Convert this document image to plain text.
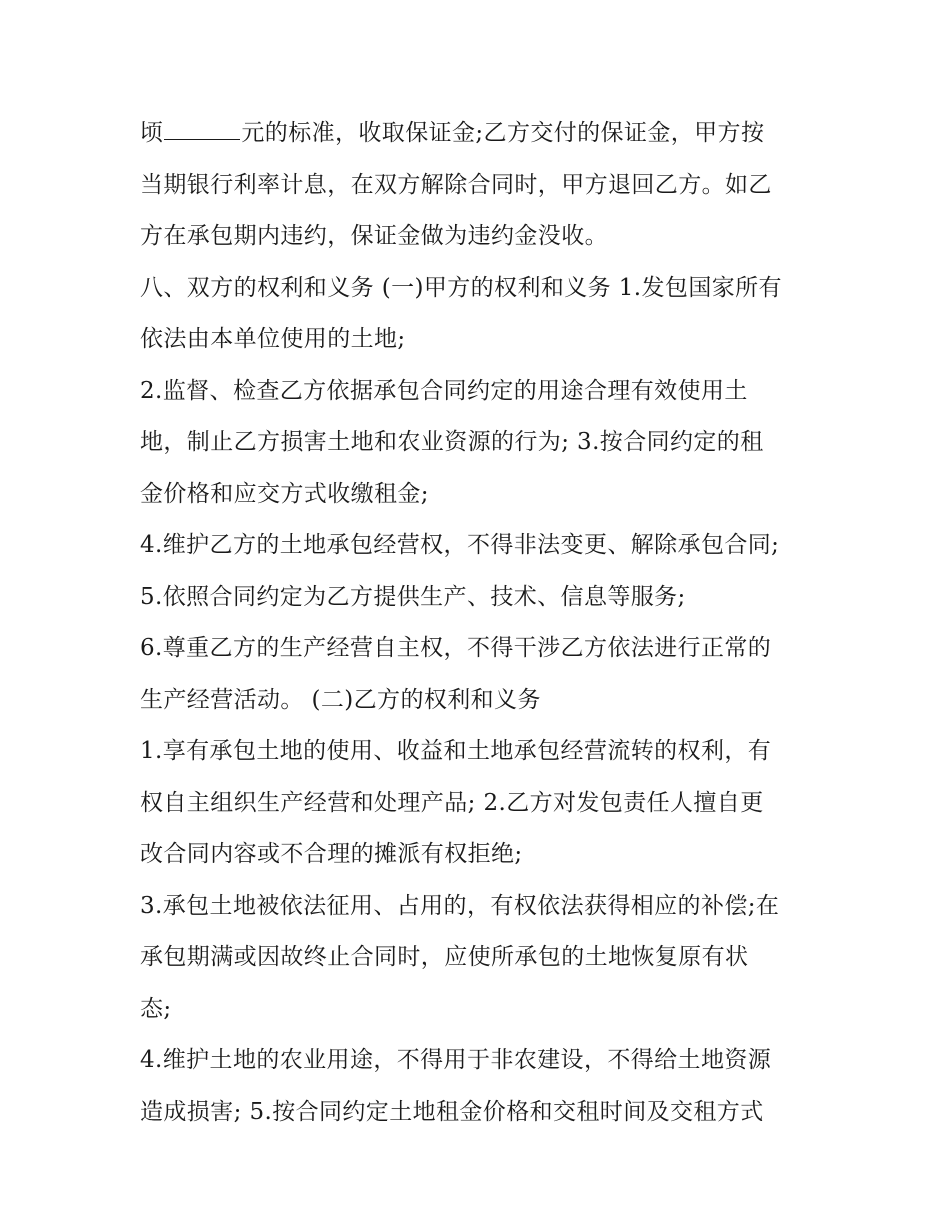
顷	元的标准，收取保证金;乙方交付的保证金，甲方按
当期银行利率计息，在双方解除合同时，甲方退回乙方。如乙
方在承包期内违约，保证金做为违约金没收。
八、双方的权利和义务 (一)甲方的权利和义务 1.发包国家所有
依法由本单位使用的土地;
2.监督、检查乙方依据承包合同约定的用途合理有效使用土
地，制止乙方损害土地和农业资源的行为; 3.按合同约定的租
金价格和应交方式收缴租金;
4.维护乙方的土地承包经营权，不得非法变更、解除承包合同;
5.依照合同约定为乙方提供生产、技术、信息等服务;
6.尊重乙方的生产经营自主权，不得干涉乙方依法进行正常的
生产经营活动。 (二)乙方的权利和义务
1.享有承包土地的使用、收益和土地承包经营流转的权利，有
权自主组织生产经营和处理产品; 2.乙方对发包责任人擅自更
改合同内容或不合理的摊派有权拒绝;
3.承包土地被依法征用、占用的，有权依法获得相应的补偿;在
承包期满或因故终止合同时，应使所承包的土地恢复原有状
态;
4.维护土地的农业用途，不得用于非农建设，不得给土地资源
造成损害; 5.按合同约定土地租金价格和交租时间及交租方式
